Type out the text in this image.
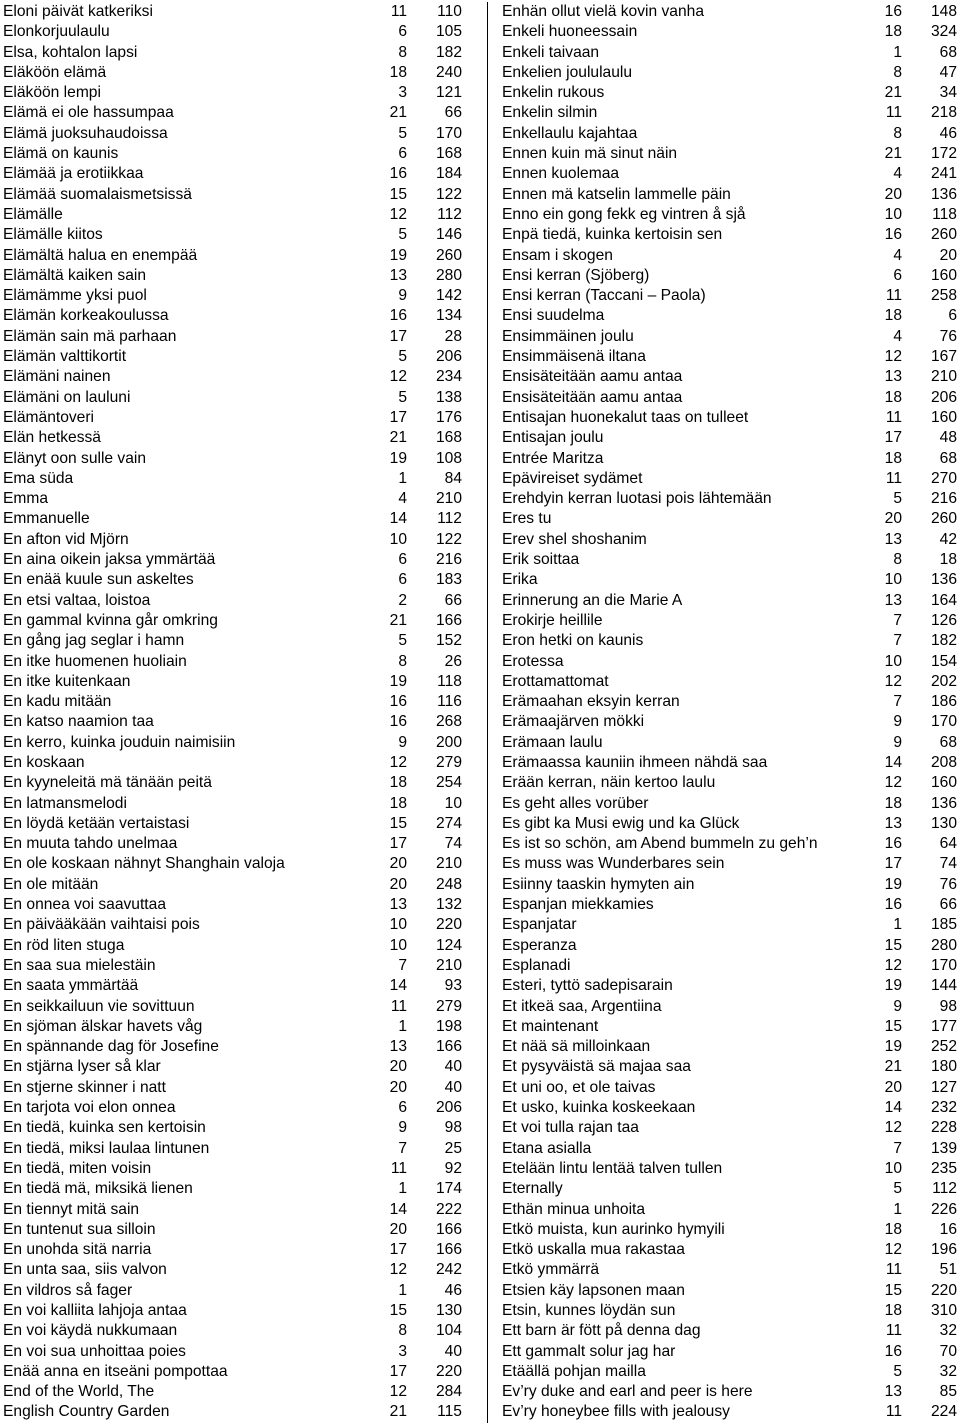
Eloni päivät katkeriksi	11 110
Elonkorjuulaulu	6 105
Elsa, kohtalon lapsi	8 182
Eläköön elämä	18 240
Eläköön lempi	3 121
Elämä ei ole hassumpaa	21 66
Elämä juoksuhaudoissa	5 170
Elämä on kaunis	6 168
Elämää ja erotiikkaa	16 184
Elämää suomalaismetsissä	15 122
Elämälle	12 112
Elämälle kiitos	5 146
Elämältä halua en enempää	19 260
Elämältä kaiken sain	13 280
Elämämme yksi puol	9 142
Elämän korkeakoulussa	16 134
Elämän sain mä parhaan	17 28
Elämän valttikortit	5 206
Elämäni nainen	12 234
Elämäni on lauluni	5 138
Elämäntoveri	17 176
Elän hetkessä	21 168
Elänyt oon sulle vain	19 108
Ema süda	1 84
Emma	4 210
Emmanuelle	14 112
En afton vid Mjörn	10 122
En aina oikein jaksa ymmärtää	6 216
En enää kuule sun askeltes	6 183
En etsi valtaa, loistoa	2 66
En gammal kvinna går omkring	21 166
En gång jag seglar i hamn	5 152
En itke huomenen huoliain	8 26
En itke kuitenkaan	19 118
En kadu mitään	16 116
En katso naamion taa	16 268
En kerro, kuinka jouduin naimisiin	9 200
En koskaan	12 279
En kyyneleitä mä tänään peitä	18 254
En latmansmelodi	18 10
En löydä ketään vertaistasi	15 274
En muuta tahdo unelmaa	17 74
En ole koskaan nähnyt Shanghain valoja	20 210
En ole mitään	20 248
En onnea voi saavuttaa	13 132
En päivääkään vaihtaisi pois	10 220
En röd liten stuga	10 124
En saa sua mielestäin	7 210
En saata ymmärtää	14 93
En seikkailuun vie sovittuun	11 279
En sjöman älskar havets våg	1 198
En spännande dag för Josefine	13 166
En stjärna lyser så klar	20 40
En stjerne skinner i natt	20 40
En tarjota voi elon onnea	6 206
En tiedä, kuinka sen kertoisin	9 98
En tiedä, miksi laulaa lintunen	7 25
En tiedä, miten voisin	11 92
En tiedä mä, miksikä lienen	1 174
En tiennyt mitä sain	14 222
En tuntenut sua silloin	20 166
En unohda sitä narria	17 166
En unta saa, siis valvon	12 242
En vildros så fager	1 46
En voi kalliita lahjoja antaa	15 130
En voi käydä nukkumaan	8 104
En voi sua unhoittaa poies	3 40
Enää anna en itseäni pompottaa	17 220
End of the World, The	12 284
English Country Garden	21 115
Enhän ollut vielä kovin vanha	16 148
Enkeli huoneessain	18 324
Enkeli taivaan	1 68
Enkelien joululaulu	8 47
Enkelin rukous	21 34
Enkelin silmin	11 218
Enkellaulu kajahtaa	8 46
Ennen kuin mä sinut näin	21 172
Ennen kuolemaa	4 241
Ennen mä katselin lammelle päin	20 136
Enno ein gong fekk eg vintren å sjå	10 118
Enpä tiedä, kuinka kertoisin sen	16 260
Ensam i skogen	4 20
Ensi kerran (Sjöberg)	6 160
Ensi kerran (Taccani – Paola)	11 258
Ensi suudelma	18	6
Ensimmäinen joulu	4 76
Ensimmäisenä iltana	12 167
Ensisäteitään aamu antaa	13 210
Ensisäteitään aamu antaa	18 206
Entisajan huonekalut taas on tulleet	11 160
Entisajan joulu	17 48
Entrée Maritza	18 68
Epävireiset sydämet	11 270
Erehdyin kerran luotasi pois lähtemään	5 216
Eres tu	20 260
Erev shel shoshanim	13 42
Erik soittaa	8 18
Erika	10 136
Erinnerung an die Marie A	13 164
Erokirje heillile	7 126
Eron hetki on kaunis	7 182
Erotessa	10 154
Erottamattomat	12 202
Erämaahan eksyin kerran	7 186
Erämaajärven mökki	9 170
Erämaan laulu	9 68
Erämaassa kauniin ihmeen nähdä saa	14 208
Erään kerran, näin kertoo laulu	12 160
Es geht alles vorüber	18 136
Es gibt ka Musi ewig und ka Glück	13 130
Es ist so schön, am Abend bummeln zu geh’n	16 64
Es muss was Wunderbares sein	17 74
Esiinny taaskin hymyten ain	19 76
Espanjan miekkamies	16 66
Espanjatar	1 185
Esperanza	15 280
Esplanadi	12 170
Esteri, tyttö sadepisarain	19 144
Et itkeä saa, Argentiina	9 98
Et maintenant	15 177
Et nää sä milloinkaan	19 252
Et pysyväistä sä majaa saa	21 180
Et uni oo, et ole taivas	20 127
Et usko, kuinka koskeekaan	14 232
Et voi tulla rajan taa	12 228
Etana asialla	7 139
Etelään lintu lentää talven tullen	10 235
Eternally	5 112
Ethän minua unhoita	1 226
Etkö muista, kun aurinko hymyili	18 16
Etkö uskalla mua rakastaa	12 196
Etkö ymmärrä	11 51
Etsien käy lapsonen maan	15 220
Etsin, kunnes löydän sun	18 310
Ett barn är fött på denna dag	11 32
Ett gammalt solur jag har	16 70
Etäällä pohjan mailla	5 32
Ev’ry duke and earl and peer is here	13 85
Ev’ry honeybee fills with jealousy	11 224
